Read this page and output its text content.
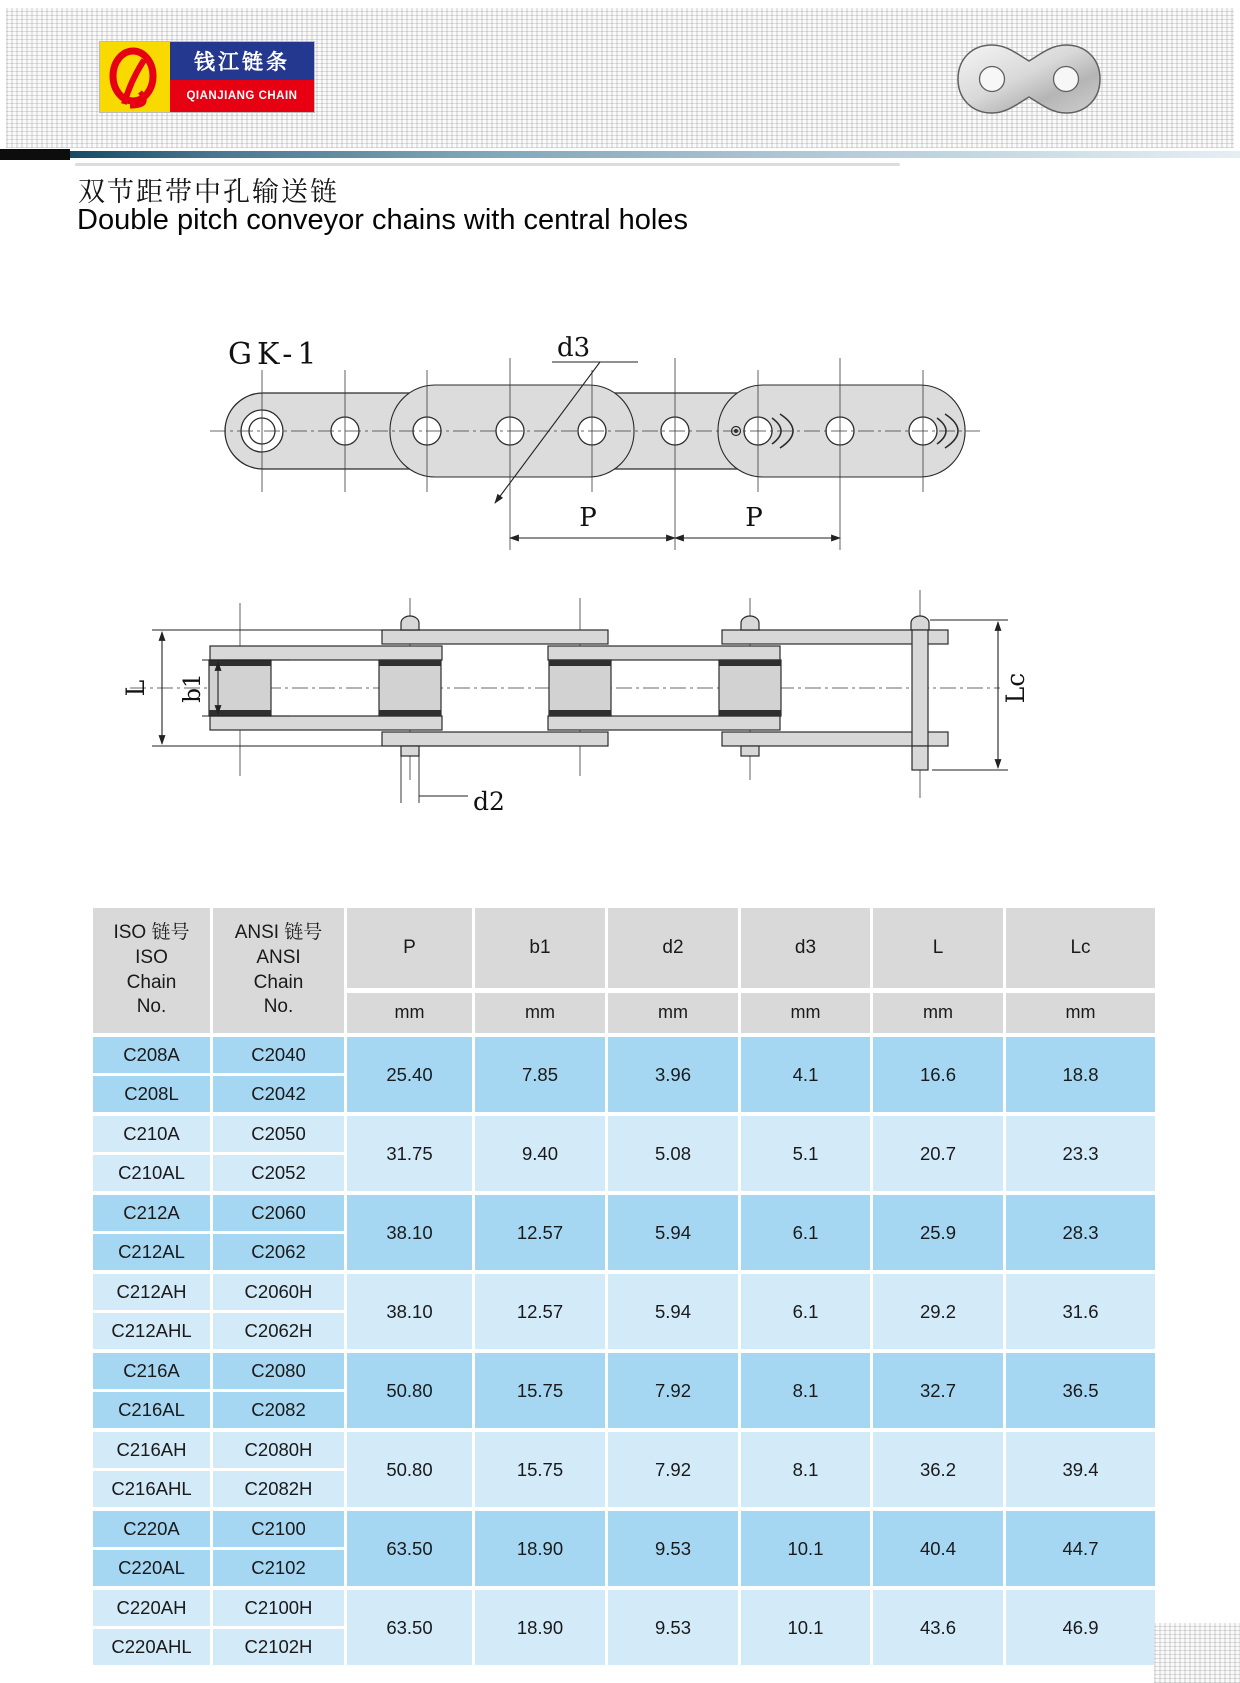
钱江链条
QIANJIANG CHAIN
双节距带中孔输送链
Double pitch conveyor chains with central holes
GK-1	d3
P	P
L b1	Lc
d2
ISO 链号
ISO
Chain
No.	ANSI 链号
ANSI
Chain
No.	P	b1	d2	d3	L	Lc
		mm	mm	mm	mm	mm	mm
C208A	C2040	25.40	7.85	3.96	4.1	16.6	18.8
C208L	C2042						
C210A	C2050	31.75	9.40	5.08	5.1	20.7	23.3
C210AL	C2052						
C212A	C2060	38.10	12.57	5.94	6.1	25.9	28.3
C212AL	C2062						
C212AH	C2060H	38.10	12.57	5.94	6.1	29.2	31.6
C212AHL	C2062H						
C216A	C2080	50.80	15.75	7.92	8.1	32.7	36.5
C216AL	C2082						
C216AH	C2080H	50.80	15.75	7.92	8.1	36.2	39.4
C216AHL	C2082H						
C220A	C2100	63.50	18.90	9.53	10.1	40.4	44.7
C220AL	C2102						
C220AH	C2100H	63.50	18.90	9.53	10.1	43.6	46.9
C220AHL	C2102H						
